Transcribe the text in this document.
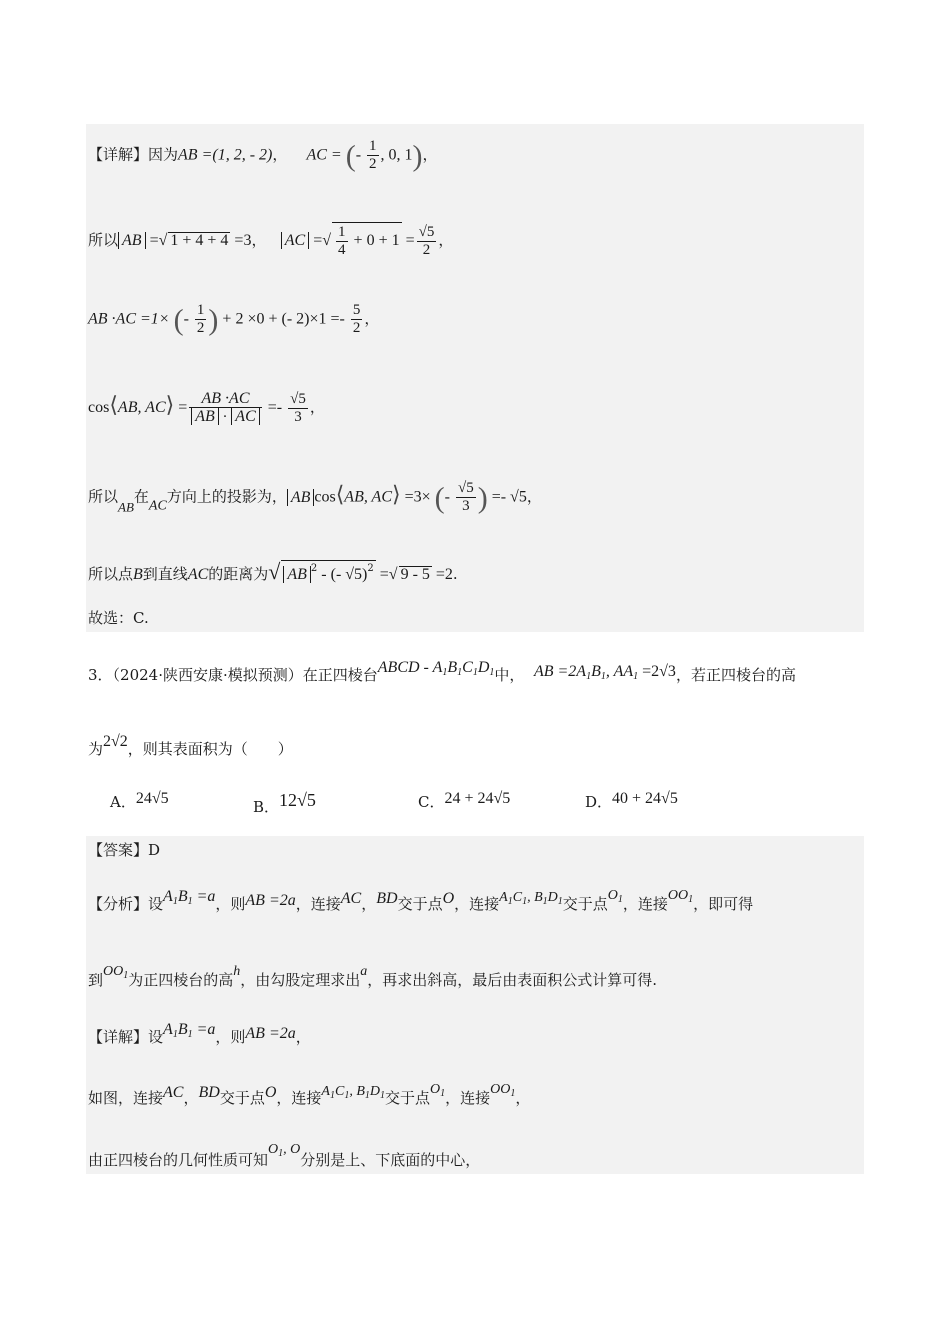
【详解】因为AB =(1, 2, - 2)， AC = (- $\frac{1}{2}$ , 0, 1)，
所以 AB =√ 1 + 4 + 4 =3， AC =√ $\frac{1}{4} + 0 + 1 = \frac{√5}{2}$ ，
AB ·AC =1× (- $\frac{1}{2}$ ) + 2 ×0 + (- $2)\times 1 =- \frac{5}{2}$ ，
cos⟨AB, AC⟩ = $\frac{AB \cdot AC}{AB \cdot AC} =- \frac{√5}{3}$ ，
所以AB在AC方向上的投影为， AB cos⟨AB, AC⟩ =3× (- $\frac{√5}{3}$ ) =- √5，
所以点B到直线AC的距离为√ AB $^2$ - (- √5)$^2$ =√ 9 - 5 =2.
故选：C.
3．（2024·陕西安康·模拟预测）在正四棱台ABCD - $A_1B_1C_1D_1$中， AB $=2A_1B_1$, $AA_1 =2√3$，若正四棱台的高
为2√2，则其表面积为（　　）
A．24√5	B．12√5	C．24 + 24√5	D．40 + 24√5
【答案】D
【分析】设$A_1B_1 =a$，则AB =2a，连接AC，BD交于点O，连接$A_1C_1$, $B_1D_1$交于点$O_1$，连接$OO_1$，即可得
到$OO_1$为正四棱台的高h，由勾股定理求出a，再求出斜高，最后由表面积公式计算可得.
【详解】设$A_1B_1 =a$，则AB =2a，
如图，连接AC，BD交于点O，连接$A_1C_1$, $B_1D_1$交于点$O_1$，连接$OO_1$，
由正四棱台的几何性质可知$O_1$, O分别是上、下底面的中心，
